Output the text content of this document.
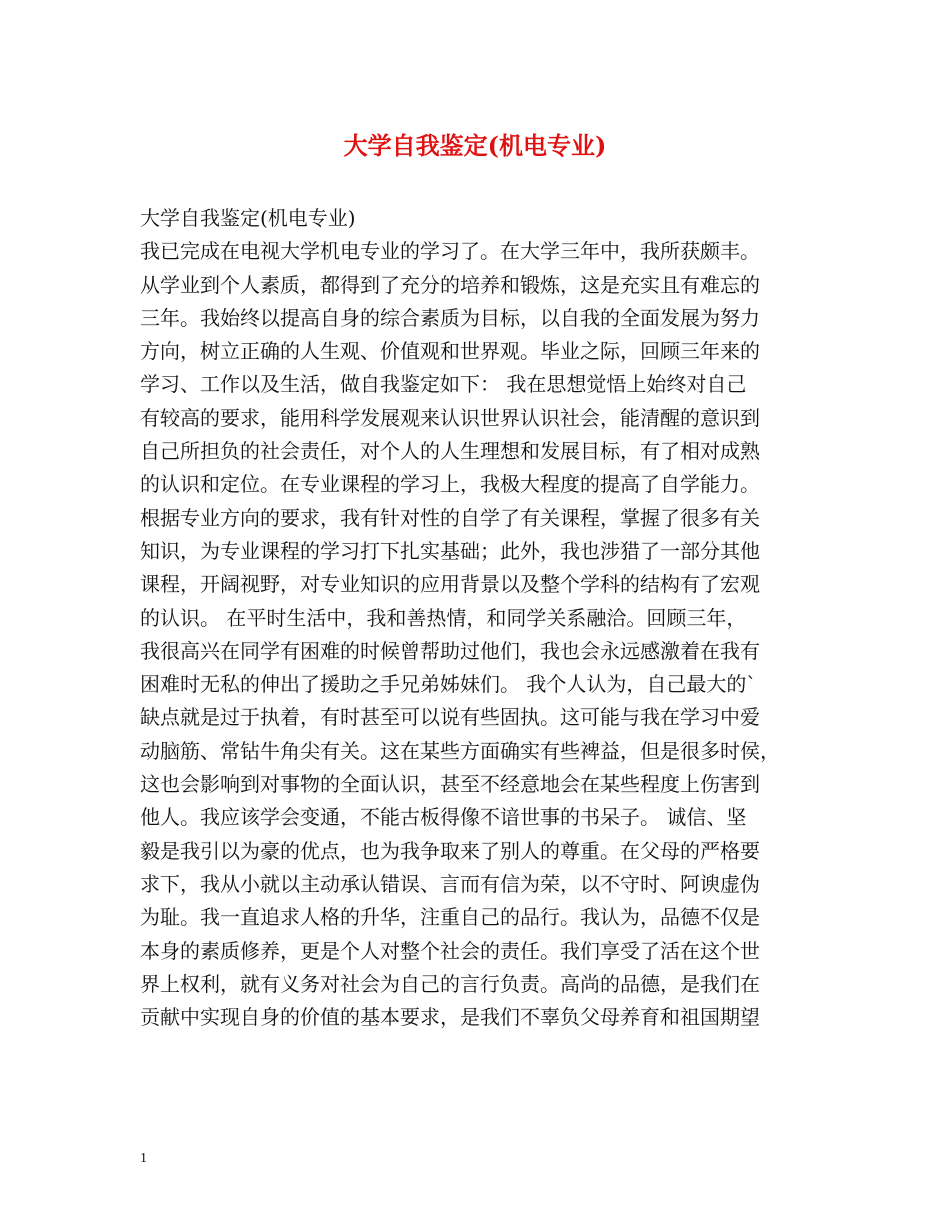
大学自我鉴定(机电专业)
大学自我鉴定(机电专业)
我已完成在电视大学机电专业的学习了。在大学三年中，我所获颇丰。
从学业到个人素质，都得到了充分的培养和锻炼，这是充实且有难忘的
三年。我始终以提高自身的综合素质为目标，以自我的全面发展为努力
方向，树立正确的人生观、价值观和世界观。毕业之际，回顾三年来的
学习、工作以及生活，做自我鉴定如下： 我在思想觉悟上始终对自己
有较高的要求，能用科学发展观来认识世界认识社会，能清醒的意识到
自己所担负的社会责任，对个人的人生理想和发展目标，有了相对成熟
的认识和定位。在专业课程的学习上，我极大程度的提高了自学能力。
根据专业方向的要求，我有针对性的自学了有关课程，掌握了很多有关
知识，为专业课程的学习打下扎实基础；此外，我也涉猎了一部分其他
课程，开阔视野，对专业知识的应用背景以及整个学科的结构有了宏观
的认识。 在平时生活中，我和善热情，和同学关系融洽。回顾三年，
我很高兴在同学有困难的时候曾帮助过他们，我也会永远感激着在我有
困难时无私的伸出了援助之手兄弟姊妹们。 我个人认为，自己最大的`
缺点就是过于执着，有时甚至可以说有些固执。这可能与我在学习中爱
动脑筋、常钻牛角尖有关。这在某些方面确实有些裨益，但是很多时侯，
这也会影响到对事物的全面认识，甚至不经意地会在某些程度上伤害到
他人。我应该学会变通，不能古板得像不谙世事的书呆子。 诚信、坚
毅是我引以为豪的优点，也为我争取来了别人的尊重。在父母的严格要
求下，我从小就以主动承认错误、言而有信为荣，以不守时、阿谀虚伪
为耻。我一直追求人格的升华，注重自己的品行。我认为，品德不仅是
本身的素质修养，更是个人对整个社会的责任。我们享受了活在这个世
界上权利，就有义务对社会为自己的言行负责。高尚的品德，是我们在
贡献中实现自身的价值的基本要求，是我们不辜负父母养育和祖国期望
1
